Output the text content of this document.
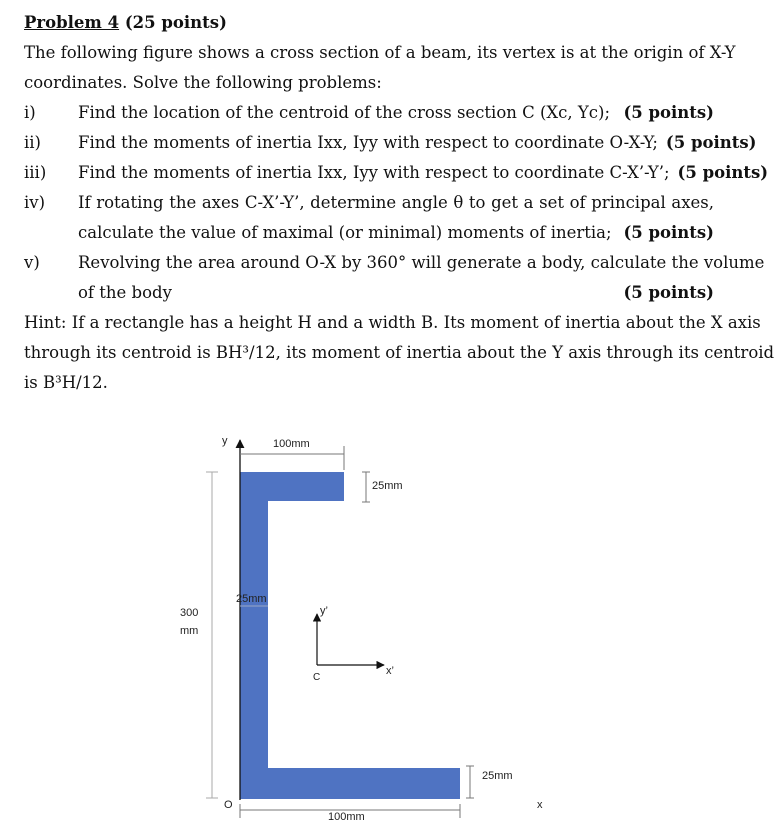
Problem 4 (25 points)
The following figure shows a cross section of a beam, its vertex is at the origin of X-Y
coordinates. Solve the following problems:
i)	Find the location of the centroid of the cross section C (Xc, Yc); (5 points)
ii)	Find the moments of inertia Ixx, Iyy with respect to coordinate O-X-Y; (5 points)
iii)	Find the moments of inertia Ixx, Iyy with respect to coordinate C-X’-Y’; (5 points)
iv)	If rotating the axes C-X’-Y’, determine angle θ to get a set of principal axes,
calculate the value of maximal (or minimal) moments of inertia; (5 points)
v)	Revolving the area around O-X by 360° will generate a body, calculate the volume
of the body	(5 points)
Hint: If a rectangle has a height H and a width B. Its moment of inertia about the X axis
through its centroid is BH³/12, its moment of inertia about the Y axis through its centroid
is B³H/12.
y
O	x
100mm
25mm
25mm
300
mm
25mm
100mm
y’
x’
C
